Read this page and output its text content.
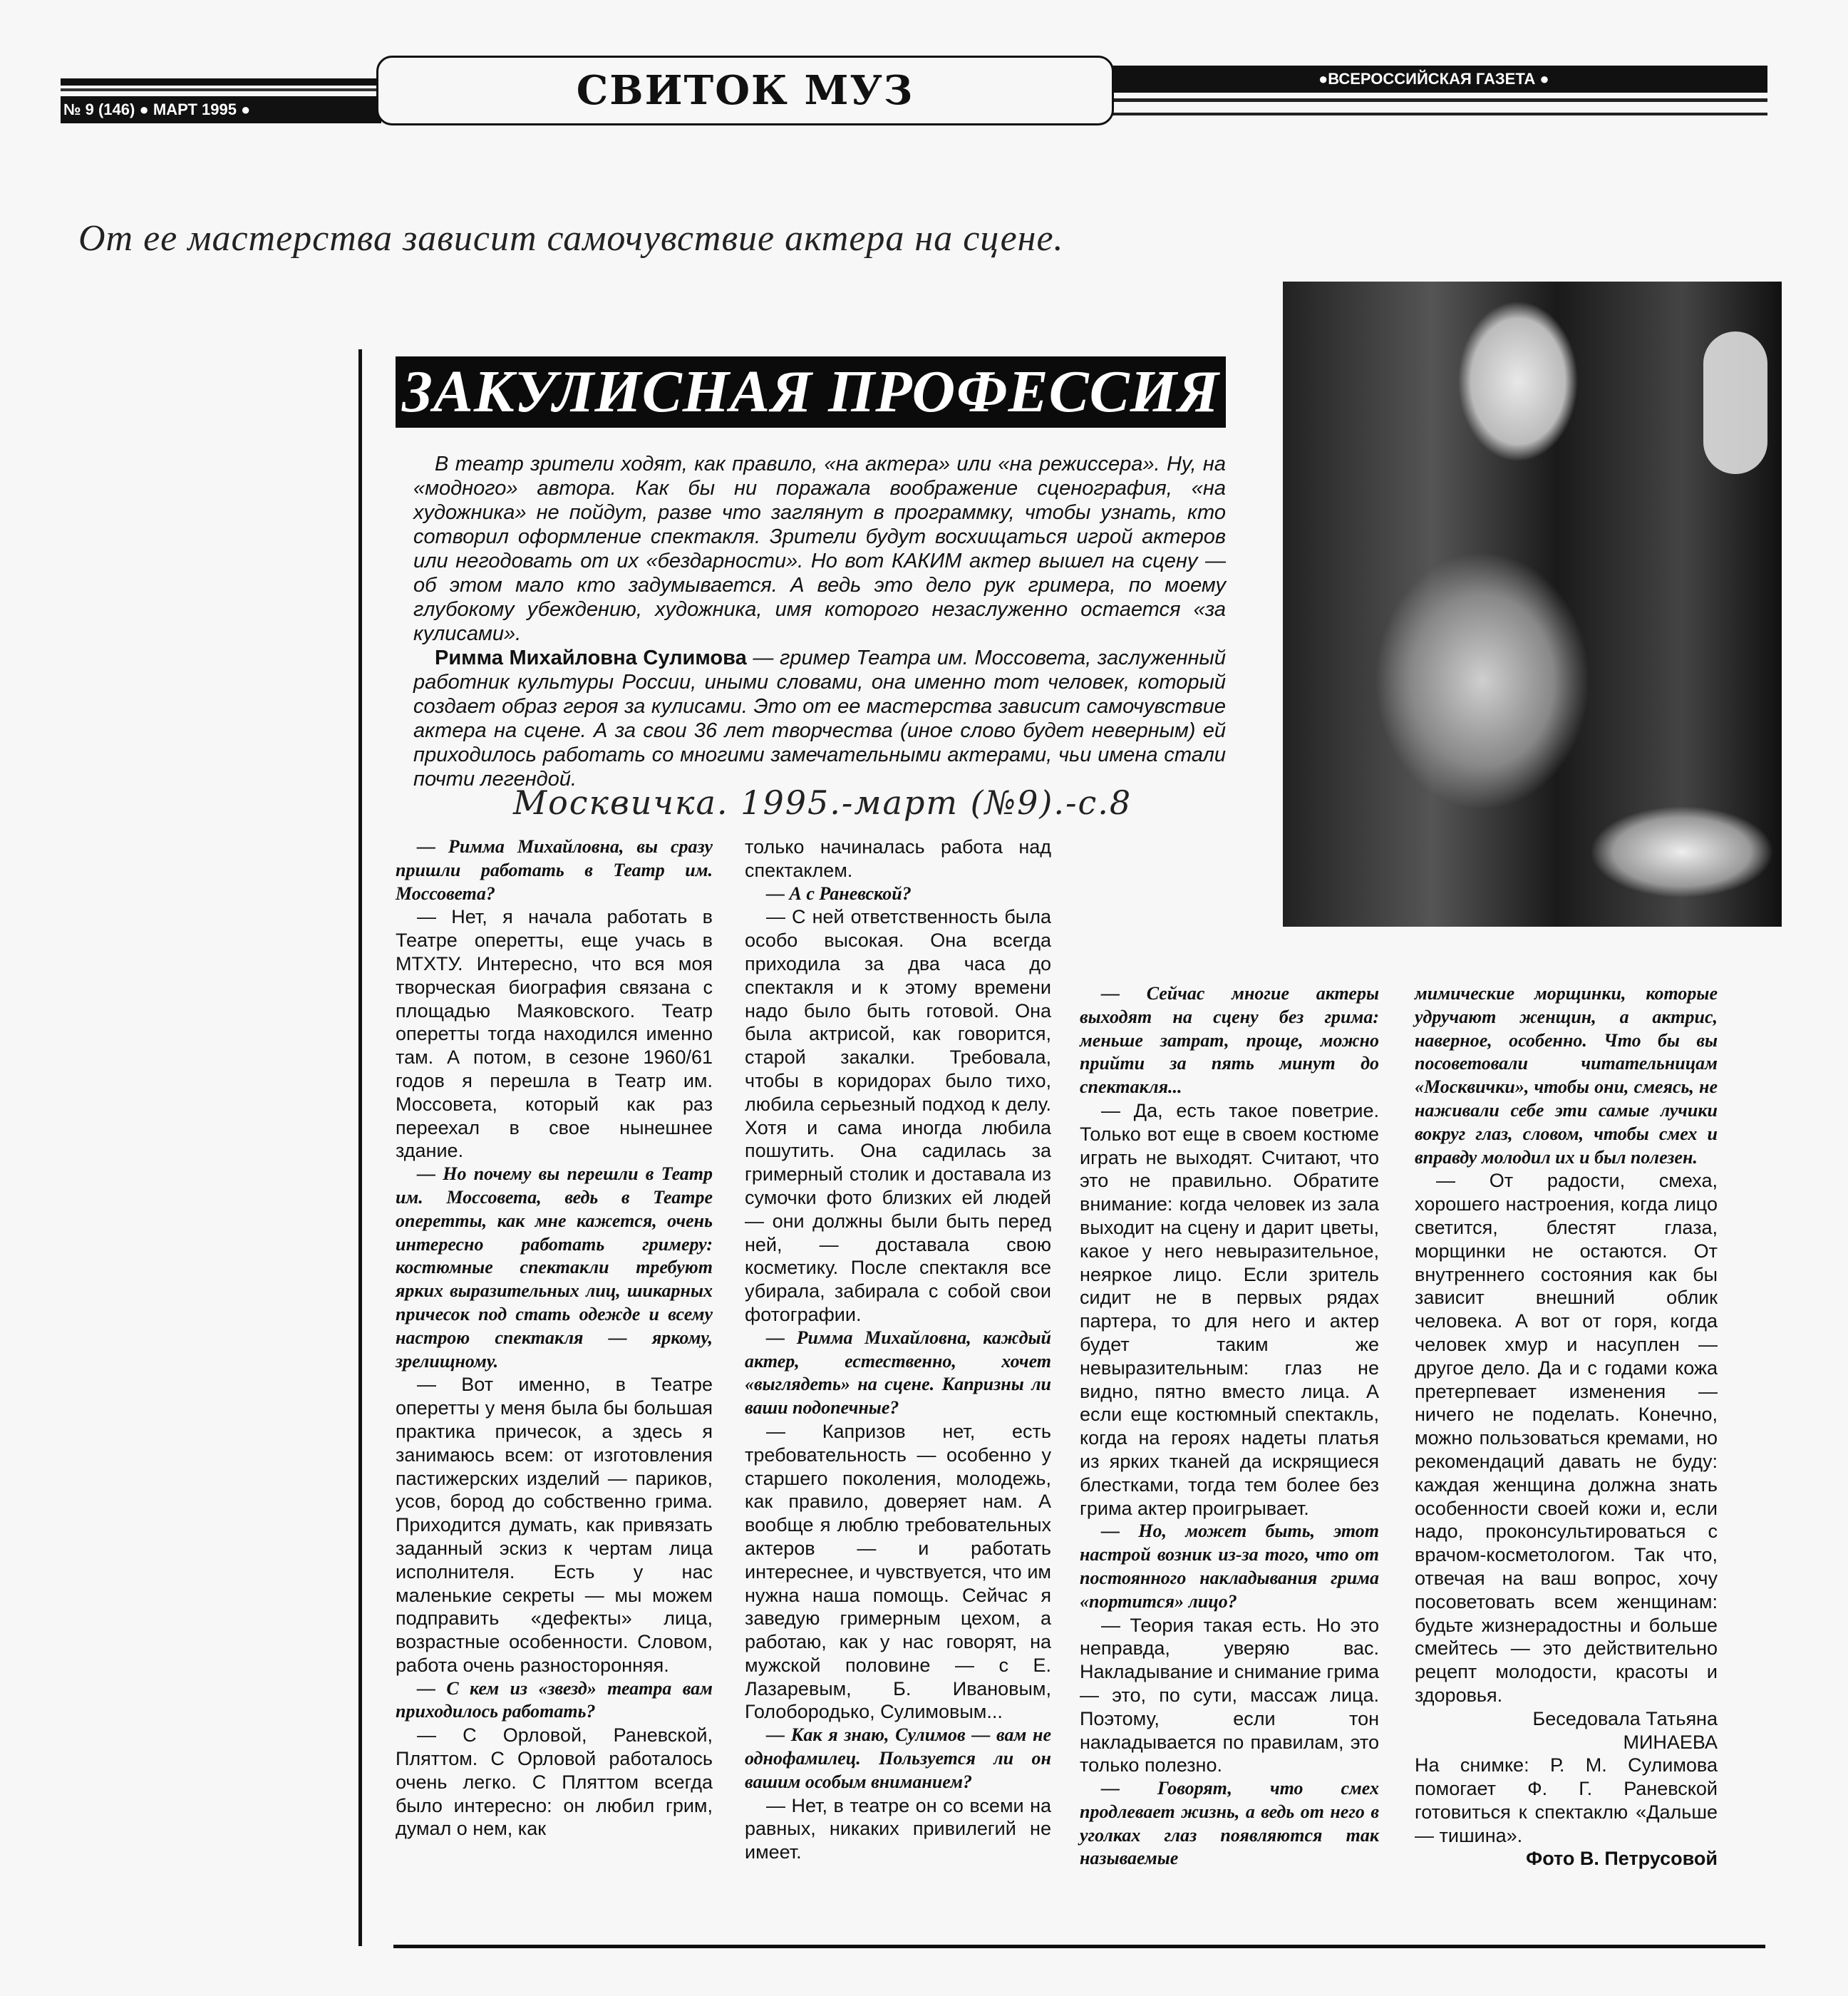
№ 9 (146) ● МАРТ 1995 ●
●ВСЕРОССИЙСКАЯ ГАЗЕТА ●
СВИТОК МУЗ
От ее мастерства зависит самочувствие актера на сцене.
ЗАКУЛИСНАЯ ПРОФЕССИЯ

В театр зрители ходят, как правило, «на актера» или «на режиссера». Ну, на «модного» автора. Как бы ни поражала воображение сценография, «на художника» не пойдут, разве что заглянут в программку, чтобы узнать, кто сотворил оформление спектакля. Зрители будут восхищаться игрой актеров или негодовать от их «бездарности». Но вот КАКИМ актер вышел на сцену — об этом мало кто задумывается. А ведь это дело рук гримера, по моему глубокому убеждению, художника, имя которого незаслуженно остается «за кулисами».

Римма Михайловна Сулимова — гример Театра им. Моссовета, заслуженный работник культуры России, иными словами, она именно тот человек, который создает образ героя за кулисами. Это от ее мастерства зависит самочувствие актера на сцене. А за свои 36 лет творчества (иное слово будет неверным) ей приходилось работать со многими замечательными актерами, чьи имена стали почти легендой.

Москвичка. 1995.-март (№9).-с.8

— Римма Михайловна, вы сразу пришли работать в Театр им. Моссовета?

— Нет, я начала работать в Театре оперетты, еще учась в МТХТУ. Интересно, что вся моя творческая биография связана с площадью Маяковского. Театр оперетты тогда находился именно там. А потом, в сезоне 1960/61 годов я перешла в Театр им. Моссовета, который как раз переехал в свое нынешнее здание.

— Но почему вы перешли в Театр им. Моссовета, ведь в Театре оперетты, как мне кажется, очень интересно работать гримеру: костюмные спектакли требуют ярких выразительных лиц, шикарных причесок под стать одежде и всему настрою спектакля — яркому, зрелищному.

— Вот именно, в Театре оперетты у меня была бы большая практика причесок, а здесь я занимаюсь всем: от изготовления пастижерских изделий — париков, усов, бород до собственно грима. Приходится думать, как привязать заданный эскиз к чертам лица исполнителя. Есть у нас маленькие секреты — мы можем подправить «дефекты» лица, возрастные особенности. Словом, работа очень разносторонняя.

— С кем из «звезд» театра вам приходилось работать?

— С Орловой, Раневской, Пляттом. С Орловой работалось очень легко. С Пляттом всегда было интересно: он любил грим, думал о нем, как

только начиналась работа над спектаклем.

— А с Раневской?

— С ней ответственность была особо высокая. Она всегда приходила за два часа до спектакля и к этому времени надо было быть готовой. Она была актрисой, как говорится, старой закалки. Требовала, чтобы в коридорах было тихо, любила серьезный подход к делу. Хотя и сама иногда любила пошутить. Она садилась за гримерный столик и доставала из сумочки фото близких ей людей — они должны были быть перед ней, — доставала свою косметику. После спектакля все убирала, забирала с собой свои фотографии.

— Римма Михайловна, каждый актер, естественно, хочет «выглядеть» на сцене. Капризны ли ваши подопечные?

— Капризов нет, есть требовательность — особенно у старшего поколения, молодежь, как правило, доверяет нам. А вообще я люблю требовательных актеров — и работать интереснее, и чувствуется, что им нужна наша помощь. Сейчас я заведую гримерным цехом, а работаю, как у нас говорят, на мужской половине — с Е. Лазаревым, Б. Ивановым, Голобородько, Сулимовым...

— Как я знаю, Сулимов — вам не однофамилец. Пользуется ли он вашим особым вниманием?

— Нет, в театре он со всеми на равных, никаких привилегий не имеет.

— Сейчас многие актеры выходят на сцену без грима: меньше затрат, проще, можно прийти за пять минут до спектакля...

— Да, есть такое поветрие. Только вот еще в своем костюме играть не выходят. Считают, что это не правильно. Обратите внимание: когда человек из зала выходит на сцену и дарит цветы, какое у него невыразительное, неяркое лицо. Если зритель сидит не в первых рядах партера, то для него и актер будет таким же невыразительным: глаз не видно, пятно вместо лица. А если еще костюмный спектакль, когда на героях надеты платья из ярких тканей да искрящиеся блестками, тогда тем более без грима актер проигрывает.

— Но, может быть, этот настрой возник из-за того, что от постоянного накладывания грима «портится» лицо?

— Теория такая есть. Но это неправда, уверяю вас. Накладывание и снимание грима — это, по сути, массаж лица. Поэтому, если тон накладывается по правилам, это только полезно.

— Говорят, что смех продлевает жизнь, а ведь от него в уголках глаз появляются так называемые

мимические морщинки, которые удручают женщин, а актрис, наверное, особенно. Что бы вы посоветовали читательницам «Москвички», чтобы они, смеясь, не наживали себе эти самые лучики вокруг глаз, словом, чтобы смех и вправду молодил их и был полезен.

— От радости, смеха, хорошего настроения, когда лицо светится, блестят глаза, морщинки не остаются. От внутреннего состояния как бы зависит внешний облик человека. А вот от горя, когда человек хмур и насуплен — другое дело. Да и с годами кожа претерпевает изменения — ничего не поделать. Конечно, можно пользоваться кремами, но рекомендаций давать не буду: каждая женщина должна знать особенности своей кожи и, если надо, проконсультироваться с врачом-косметологом. Так что, отвечая на ваш вопрос, хочу посоветовать всем женщинам: будьте жизнерадостны и больше смейтесь — это действительно рецепт молодости, красоты и здоровья.

Беседовала Татьяна

МИНАЕВА

На снимке: Р. М. Сулимова помогает Ф. Г. Раневской готовиться к спектаклю «Дальше — тишина».

Фото В. Петрусовой
